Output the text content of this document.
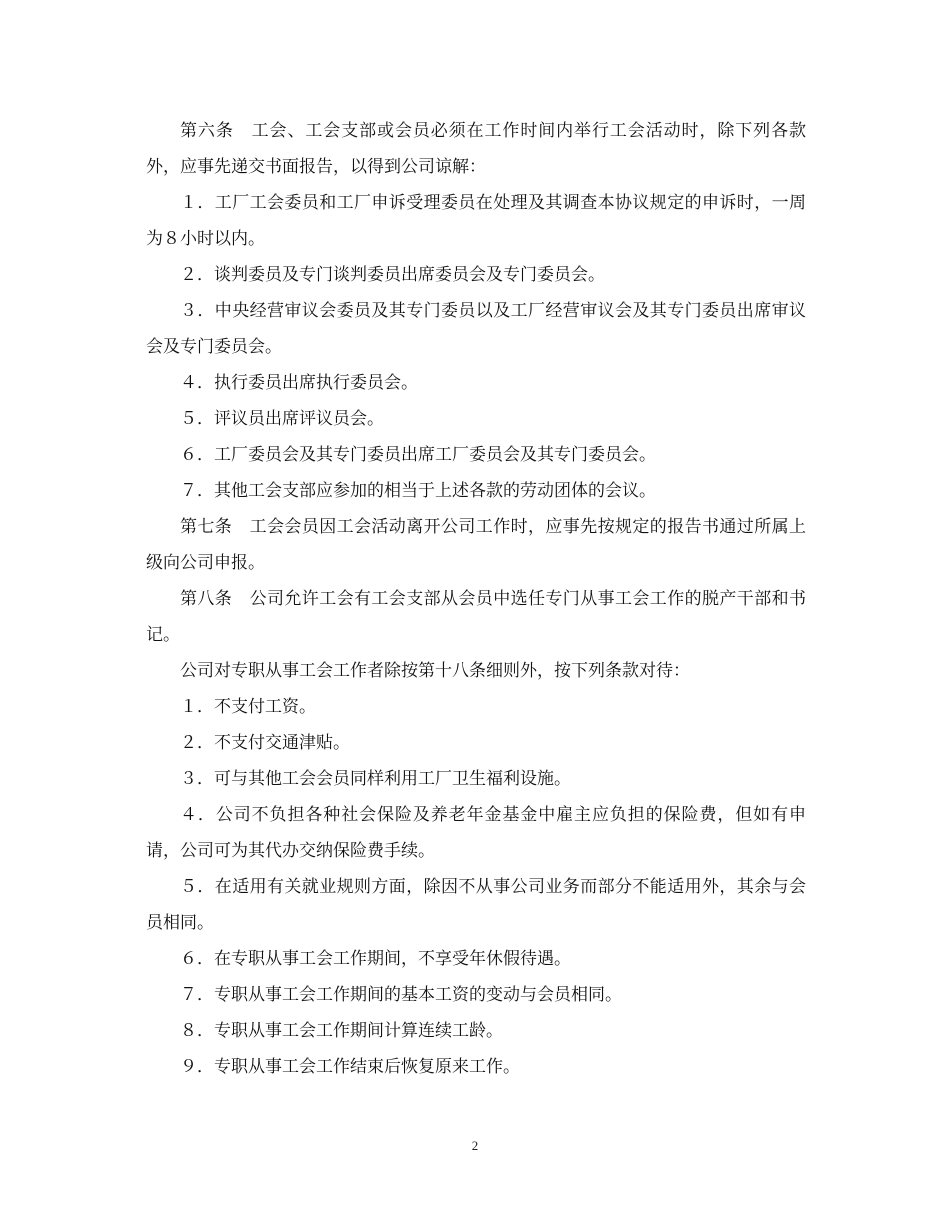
第六条　工会、工会支部或会员必须在工作时间内举行工会活动时，除下列各款外，应事先递交书面报告，以得到公司谅解：

１．工厂工会委员和工厂申诉受理委员在处理及其调查本协议规定的申诉时，一周为８小时以内。

２．谈判委员及专门谈判委员出席委员会及专门委员会。

３．中央经营审议会委员及其专门委员以及工厂经营审议会及其专门委员出席审议会及专门委员会。

４．执行委员出席执行委员会。

５．评议员出席评议员会。

６．工厂委员会及其专门委员出席工厂委员会及其专门委员会。

７．其他工会支部应参加的相当于上述各款的劳动团体的会议。

第七条　工会会员因工会活动离开公司工作时，应事先按规定的报告书通过所属上级向公司申报。

第八条　公司允许工会有工会支部从会员中选任专门从事工会工作的脱产干部和书记。

公司对专职从事工会工作者除按第十八条细则外，按下列条款对待：

１．不支付工资。

２．不支付交通津贴。

３．可与其他工会会员同样利用工厂卫生福利设施。

４．公司不负担各种社会保险及养老年金基金中雇主应负担的保险费，但如有申请，公司可为其代办交纳保险费手续。

５．在适用有关就业规则方面，除因不从事公司业务而部分不能适用外，其余与会员相同。

６．在专职从事工会工作期间，不享受年休假待遇。

７．专职从事工会工作期间的基本工资的变动与会员相同。

８．专职从事工会工作期间计算连续工龄。

９．专职从事工会工作结束后恢复原来工作。

2
